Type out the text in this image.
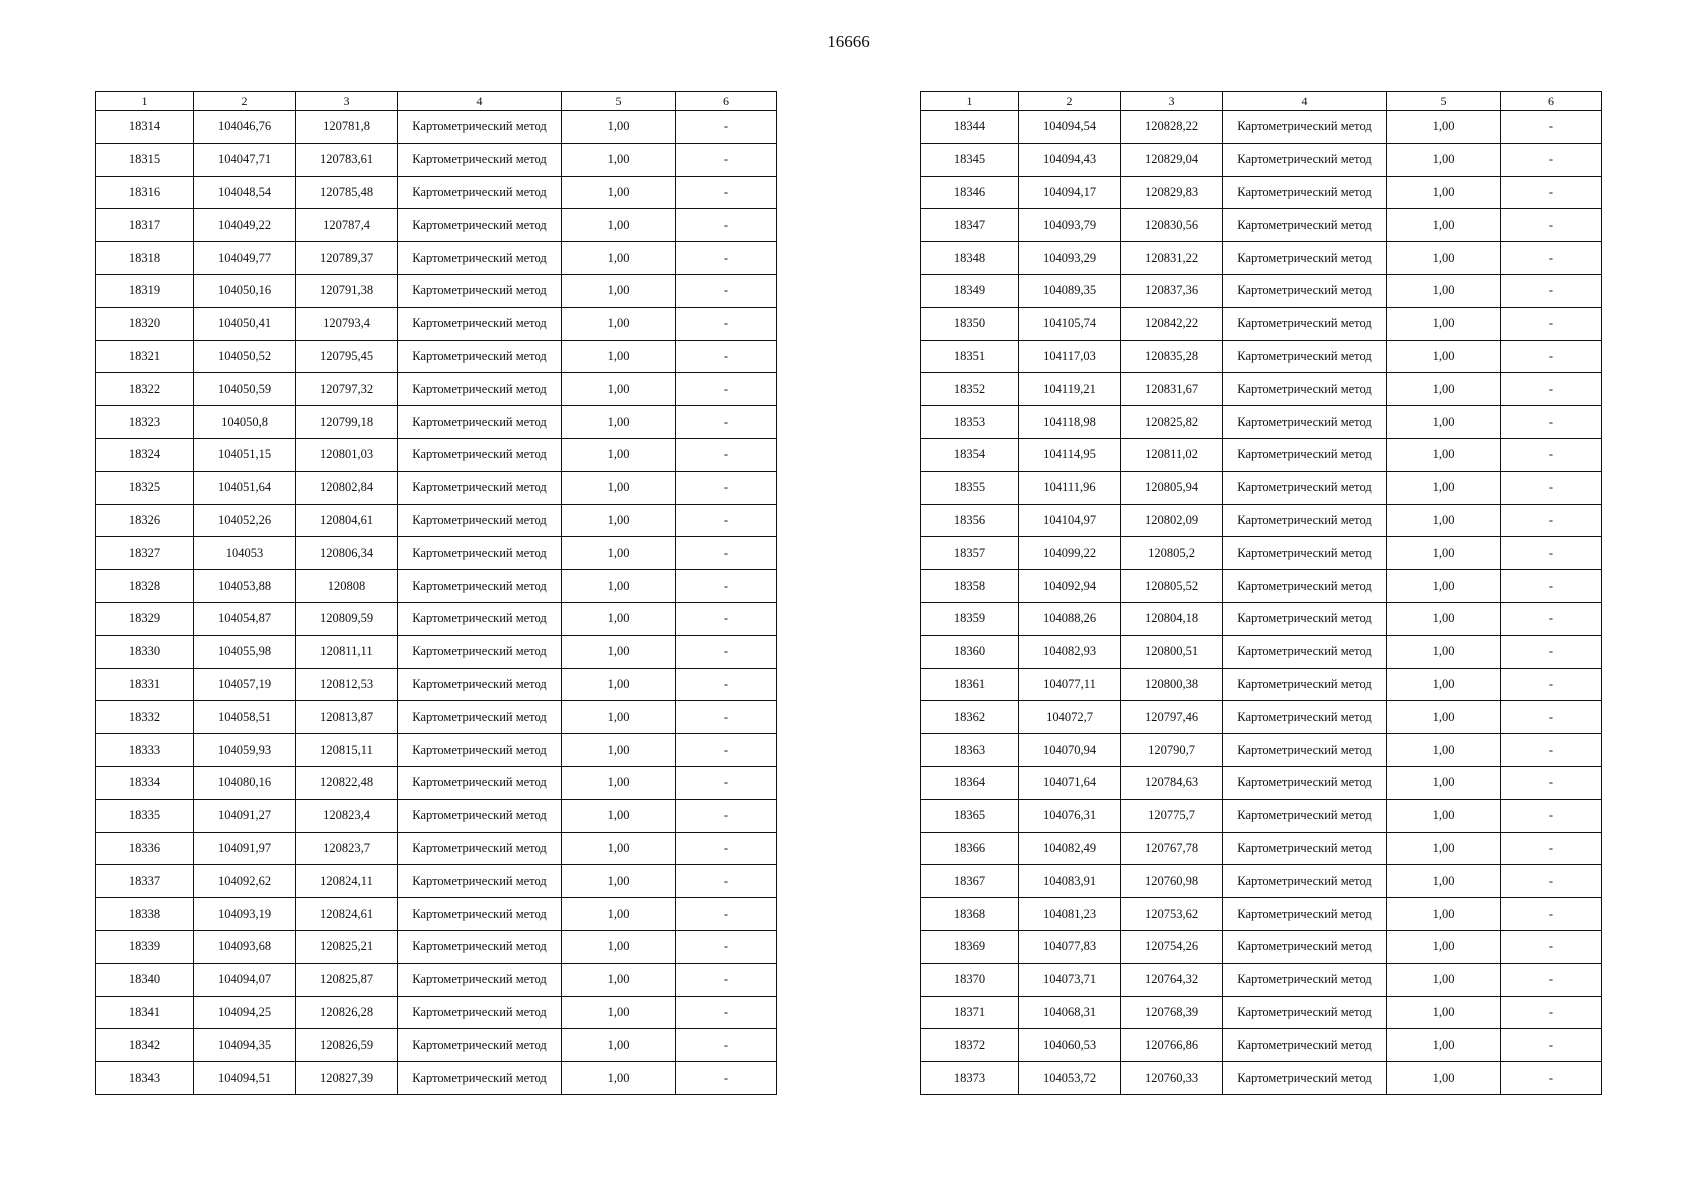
16666
1	2	3	4	5	6
18314	104046,76	120781,8	Картометрический метод	1,00	-
18315	104047,71	120783,61	Картометрический метод	1,00	-
18316	104048,54	120785,48	Картометрический метод	1,00	-
18317	104049,22	120787,4	Картометрический метод	1,00	-
18318	104049,77	120789,37	Картометрический метод	1,00	-
18319	104050,16	120791,38	Картометрический метод	1,00	-
18320	104050,41	120793,4	Картометрический метод	1,00	-
18321	104050,52	120795,45	Картометрический метод	1,00	-
18322	104050,59	120797,32	Картометрический метод	1,00	-
18323	104050,8	120799,18	Картометрический метод	1,00	-
18324	104051,15	120801,03	Картометрический метод	1,00	-
18325	104051,64	120802,84	Картометрический метод	1,00	-
18326	104052,26	120804,61	Картометрический метод	1,00	-
18327	104053	120806,34	Картометрический метод	1,00	-
18328	104053,88	120808	Картометрический метод	1,00	-
18329	104054,87	120809,59	Картометрический метод	1,00	-
18330	104055,98	120811,11	Картометрический метод	1,00	-
18331	104057,19	120812,53	Картометрический метод	1,00	-
18332	104058,51	120813,87	Картометрический метод	1,00	-
18333	104059,93	120815,11	Картометрический метод	1,00	-
18334	104080,16	120822,48	Картометрический метод	1,00	-
18335	104091,27	120823,4	Картометрический метод	1,00	-
18336	104091,97	120823,7	Картометрический метод	1,00	-
18337	104092,62	120824,11	Картометрический метод	1,00	-
18338	104093,19	120824,61	Картометрический метод	1,00	-
18339	104093,68	120825,21	Картометрический метод	1,00	-
18340	104094,07	120825,87	Картометрический метод	1,00	-
18341	104094,25	120826,28	Картометрический метод	1,00	-
18342	104094,35	120826,59	Картометрический метод	1,00	-
18343	104094,51	120827,39	Картометрический метод	1,00	-
1	2	3	4	5	6
18344	104094,54	120828,22	Картометрический метод	1,00	-
18345	104094,43	120829,04	Картометрический метод	1,00	-
18346	104094,17	120829,83	Картометрический метод	1,00	-
18347	104093,79	120830,56	Картометрический метод	1,00	-
18348	104093,29	120831,22	Картометрический метод	1,00	-
18349	104089,35	120837,36	Картометрический метод	1,00	-
18350	104105,74	120842,22	Картометрический метод	1,00	-
18351	104117,03	120835,28	Картометрический метод	1,00	-
18352	104119,21	120831,67	Картометрический метод	1,00	-
18353	104118,98	120825,82	Картометрический метод	1,00	-
18354	104114,95	120811,02	Картометрический метод	1,00	-
18355	104111,96	120805,94	Картометрический метод	1,00	-
18356	104104,97	120802,09	Картометрический метод	1,00	-
18357	104099,22	120805,2	Картометрический метод	1,00	-
18358	104092,94	120805,52	Картометрический метод	1,00	-
18359	104088,26	120804,18	Картометрический метод	1,00	-
18360	104082,93	120800,51	Картометрический метод	1,00	-
18361	104077,11	120800,38	Картометрический метод	1,00	-
18362	104072,7	120797,46	Картометрический метод	1,00	-
18363	104070,94	120790,7	Картометрический метод	1,00	-
18364	104071,64	120784,63	Картометрический метод	1,00	-
18365	104076,31	120775,7	Картометрический метод	1,00	-
18366	104082,49	120767,78	Картометрический метод	1,00	-
18367	104083,91	120760,98	Картометрический метод	1,00	-
18368	104081,23	120753,62	Картометрический метод	1,00	-
18369	104077,83	120754,26	Картометрический метод	1,00	-
18370	104073,71	120764,32	Картометрический метод	1,00	-
18371	104068,31	120768,39	Картометрический метод	1,00	-
18372	104060,53	120766,86	Картометрический метод	1,00	-
18373	104053,72	120760,33	Картометрический метод	1,00	-
